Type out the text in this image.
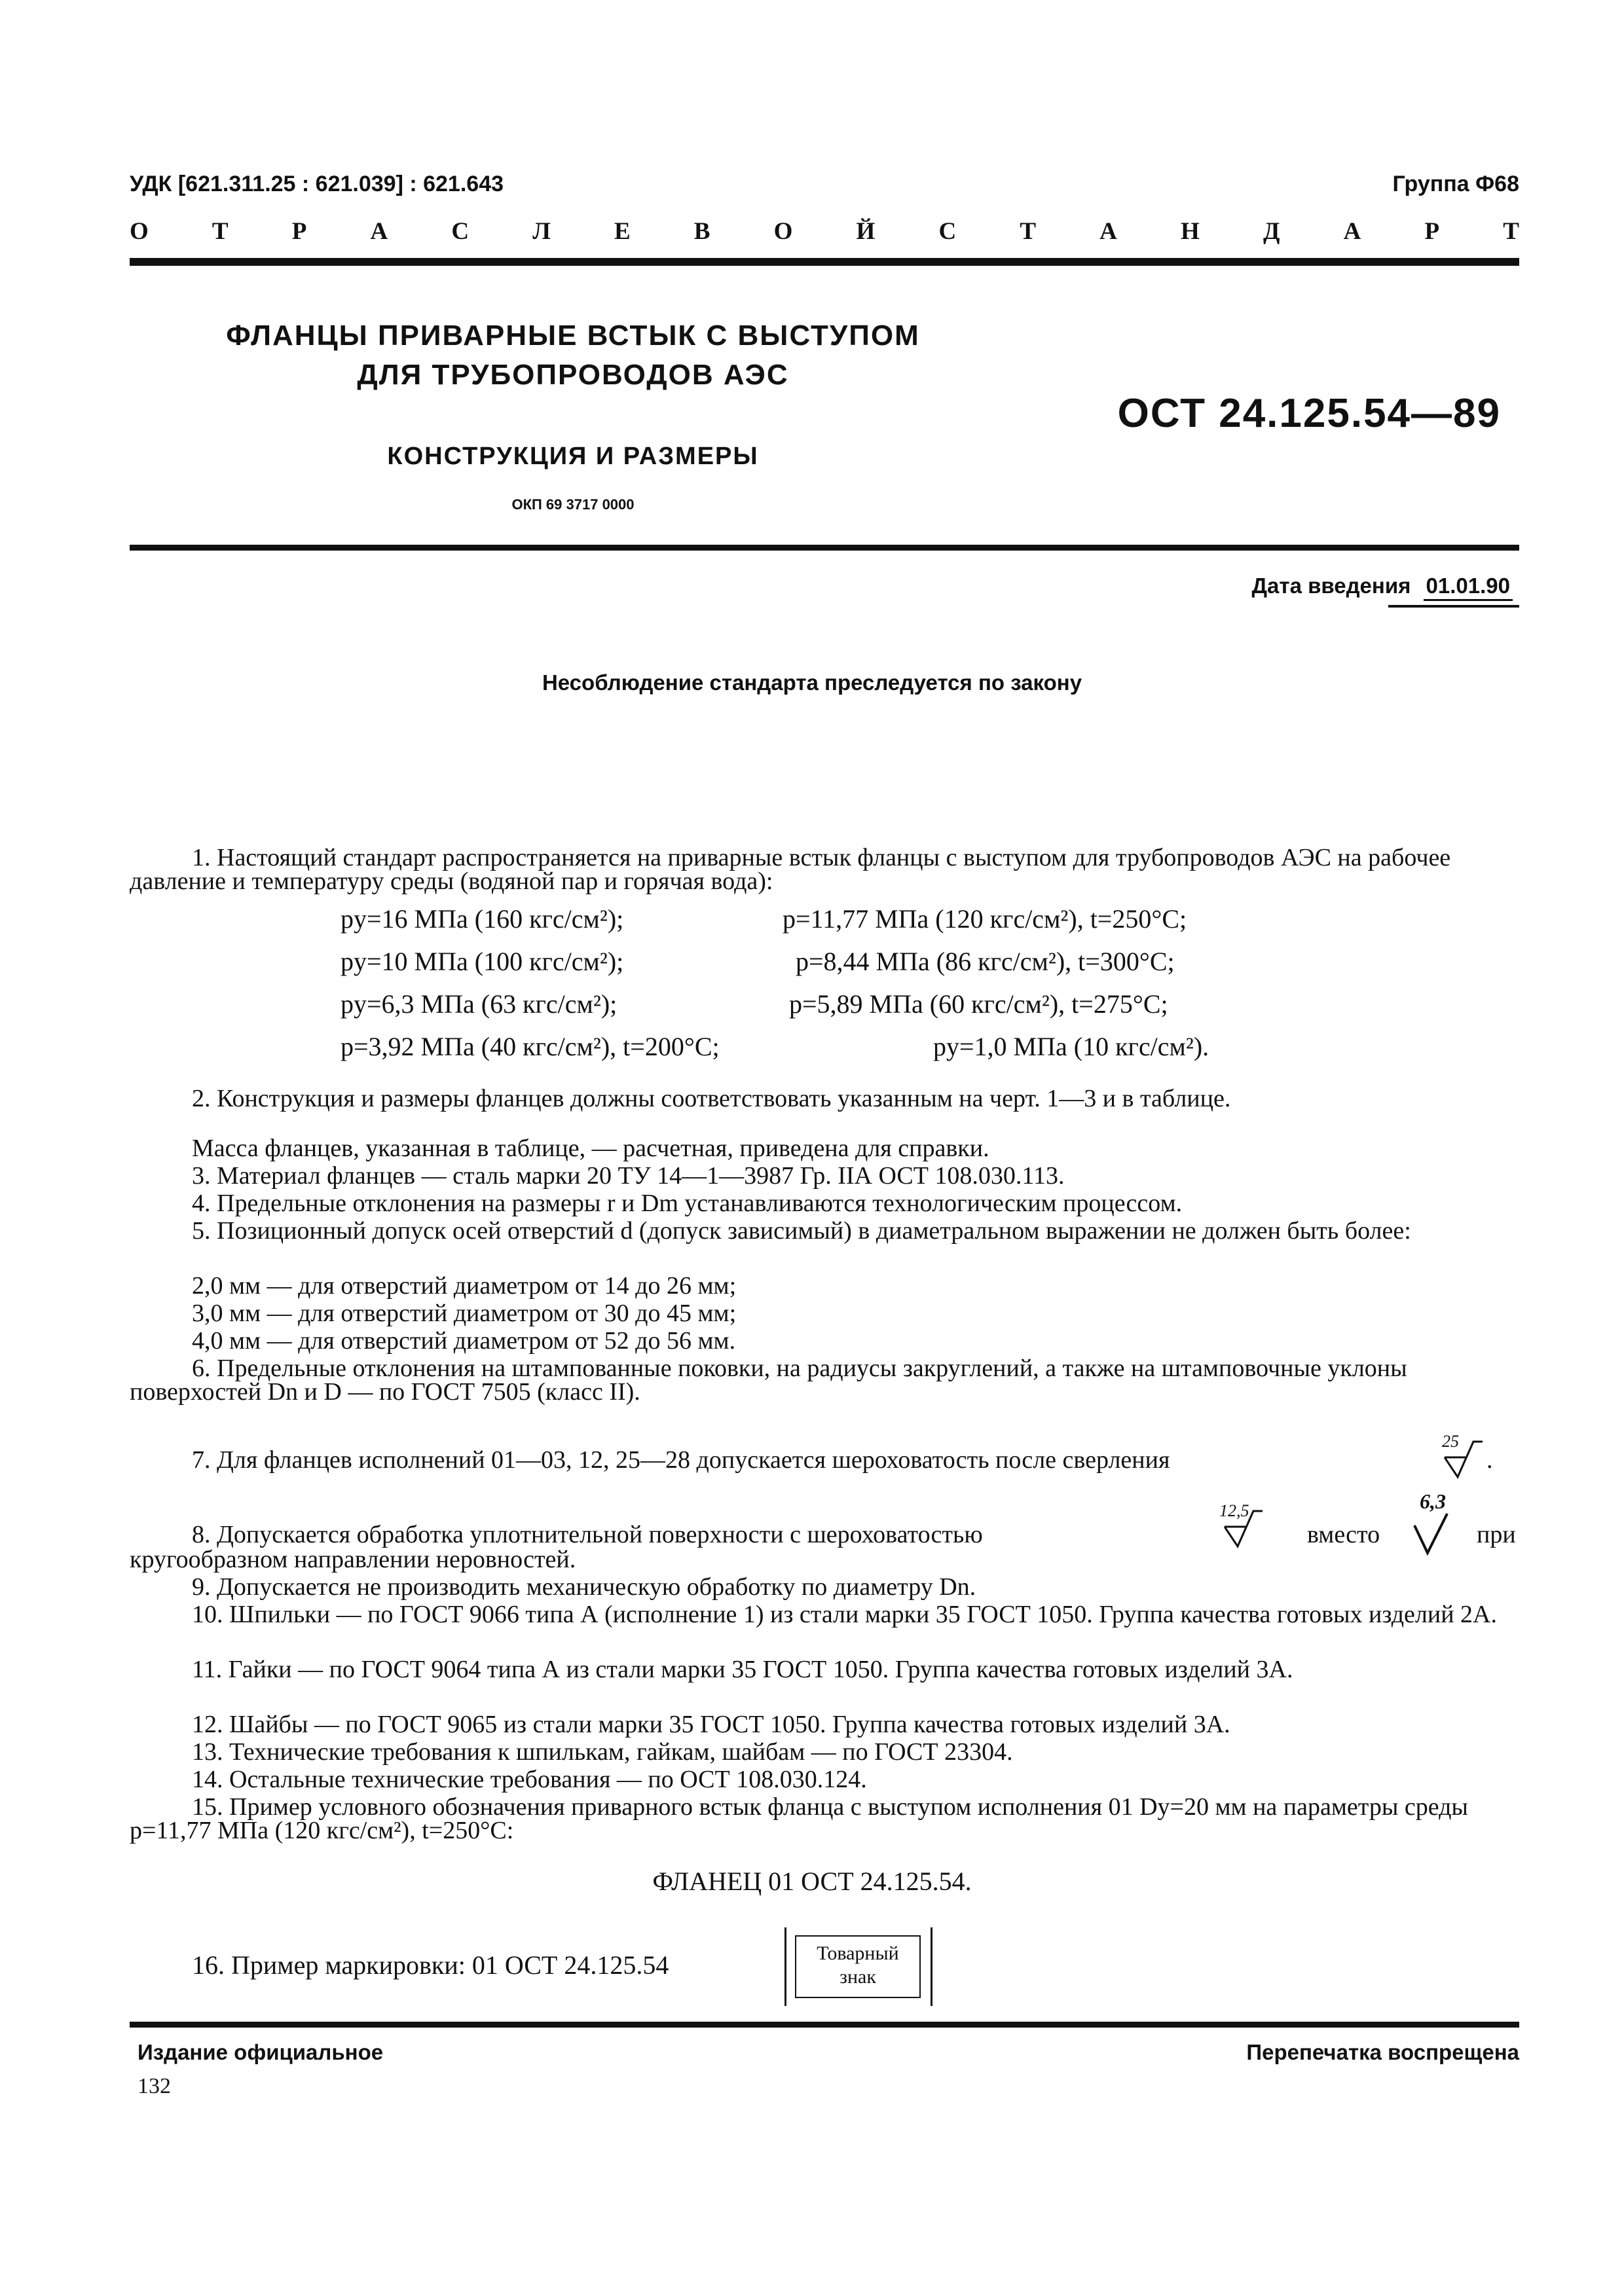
УДК [621.311.25 : 621.039] : 621.643	Группа Ф68
О	Т	Р	А	С	Л	Е	В	О	Й	С	Т	А	Н	Д	А	Р	Т
ФЛАНЦЫ ПРИВАРНЫЕ ВСТЫК С ВЫСТУПОМ
ДЛЯ ТРУБОПРОВОДОВ АЭС
ОСТ 24.125.54—89
КОНСТРУКЦИЯ И РАЗМЕРЫ
ОКП 69 3717 0000
Дата введения 01.01.90
Несоблюдение стандарта преследуется по закону

1. Настоящий стандарт распространяется на приварные встык фланцы с выступом для трубопроводов АЭС на рабочее давление и температуру среды (водяной пар и горячая вода):

pу=16 МПа (160 кгс/см²);	p=11,77 МПа (120 кгс/см²), t=250°C;
pу=10 МПа (100 кгс/см²);	p=8,44 МПа (86 кгс/см²), t=300°C;
pу=6,3 МПа (63 кгс/см²);	p=5,89 МПа (60 кгс/см²), t=275°C;
p=3,92 МПа (40 кгс/см²), t=200°C;	pу=1,0 МПа (10 кгс/см²).

2. Конструкция и размеры фланцев должны соответствовать указанным на черт. 1—3 и в таблице.

Масса фланцев, указанная в таблице, — расчетная, приведена для справки.

3. Материал фланцев — сталь марки 20 ТУ 14—1—3987 Гр. IIА ОСТ 108.030.113.

4. Предельные отклонения на размеры r и Dm устанавливаются технологическим процессом.

5. Позиционный допуск осей отверстий d (допуск зависимый) в диаметральном выражении не должен быть более:

2,0 мм — для отверстий диаметром от 14 до 26 мм;

3,0 мм — для отверстий диаметром от 30 до 45 мм;

4,0 мм — для отверстий диаметром от 52 до 56 мм.

6. Предельные отклонения на штампованные поковки, на радиусы закруглений, а также на штамповочные уклоны поверхостей Dn и D — по ГОСТ 7505 (класс II).

7. Для фланцев исполнений 01—03, 12, 25—28 допускается шероховатость после сверления
25
.
8. Допускается обработка уплотнительной поверхности с шероховатостью
12,5
вместо
6,3
при

кругообразном направлении неровностей.

9. Допускается не производить механическую обработку по диаметру Dn.

10. Шпильки — по ГОСТ 9066 типа А (исполнение 1) из стали марки 35 ГОСТ 1050. Группа качества готовых изделий 2А.

11. Гайки — по ГОСТ 9064 типа А из стали марки 35 ГОСТ 1050. Группа качества готовых изделий 3А.

12. Шайбы — по ГОСТ 9065 из стали марки 35 ГОСТ 1050. Группа качества готовых изделий 3А.

13. Технические требования к шпилькам, гайкам, шайбам — по ГОСТ 23304.

14. Остальные технические требования — по ОСТ 108.030.124.

15. Пример условного обозначения приварного встык фланца с выступом исполнения 01 Dу=20 мм на параметры среды p=11,77 МПа (120 кгс/см²), t=250°C:

ФЛАНЕЦ 01 ОСТ 24.125.54.
16. Пример маркировки: 01 ОСТ 24.125.54	Товарный
знак
Издание официальное	Перепечатка воспрещена
132
